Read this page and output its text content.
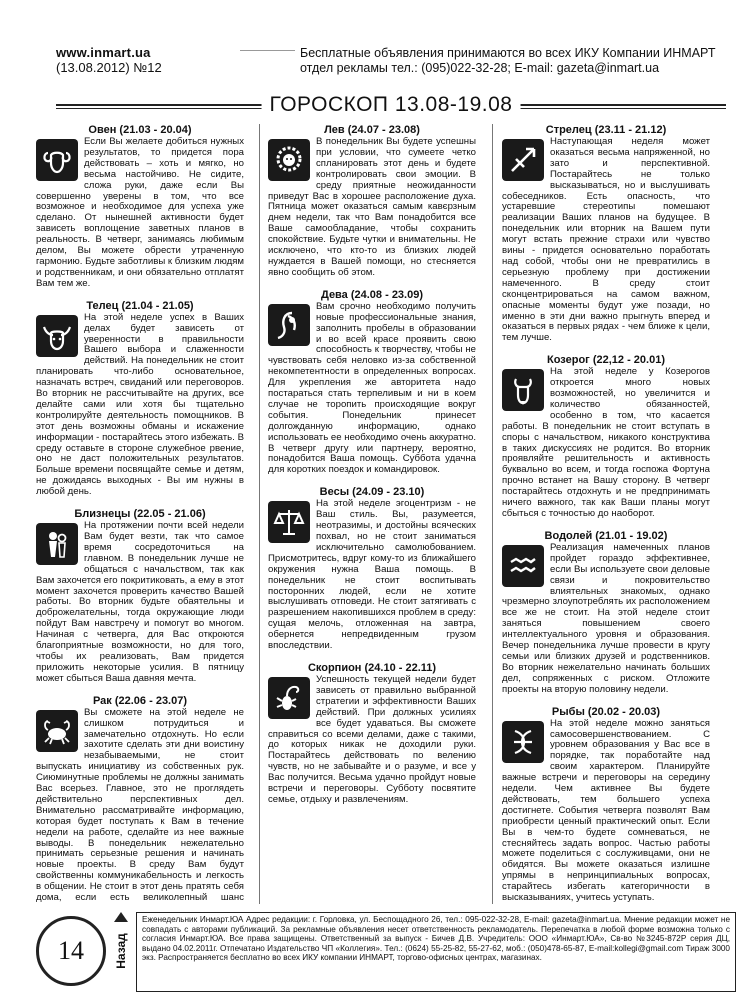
www.inmart.ua
(13.08.2012) №12
Бесплатные объявления принимаются во всех ИКУ Компании ИНМАРТ
отдел рекламы тел.: (095)022-32-28; E-mail: gazeta@inmart.ua
ГОРОСКОП 13.08-19.08
Овен (21.03 - 20.04)

Если Вы желаете добиться нужных результатов, то придется пора действовать – хоть и мягко, но весьма настойчиво. Не сидите, сложа руки, даже если Вы совершенно уверены в том, что все возможное и необходимое для успеха уже сделано. От нынешней активности будет зависеть воплощение заветных планов в реальность. В четверг, занимаясь любимым делом, Вы можете обрести утраченную гармонию. Будьте заботливы к близким людям и родственникам, и они обязательно отплатят Вам тем же.

Телец (21.04 - 21.05)

На этой неделе успех в Ваших делах будет зависеть от уверенности в правильности Вашего выбора и слаженности действий. На понедельник не стоит планировать что-либо основательное, назначать встреч, свиданий или переговоров. Во вторник не рассчитывайте на других, все делайте сами или хотя бы тщательно контролируйте деятельность помощников. В этот день возможны обманы и искажение информации - постарайтесь этого избежать. В среду оставьте в стороне служебное рвение, оно не даст положительных результатов. Больше времени посвящайте семье и детям, не дожидаясь выходных - Вы им нужны в любой день.

Близнецы (22.05 - 21.06)

На протяжении почти всей недели Вам будет везти, так что самое время сосредоточиться на главном. В понедельник лучше не общаться с начальством, так как Вам захочется его покритиковать, а ему в этот момент захочется проверить качество Вашей работы. Во вторник будьте обаятельны и доброжелательны, тогда окружающие люди пойдут Вам навстречу и помогут во многом. Начиная с четверга, для Вас откроются благоприятные возможности, но для того, чтобы их реализовать, Вам придется приложить некоторые усилия. В пятницу может сбыться Ваша давняя мечта.

Рак (22.06 - 23.07)

Вы сможете на этой неделе не слишком потрудиться и замечательно отдохнуть. Но если захотите сделать эти дни воистину незабываемыми, не стоит выпускать инициативу из собственных рук. Сиюминутные проблемы не должны занимать Вас всерьез. Главное, это не проглядеть действительно перспективных дел. Внимательно рассматривайте информацию, которая будет поступать к Вам в течение недели на работе, сделайте из нее важные выводы. В понедельник нежелательно принимать серьезные решения и начинать новые проекты. В среду Вам будут свойственны коммуникабельность и легкость в общении. Не стоит в этот день пратять себя дома, если есть великолепный шанс

Лев (24.07 - 23.08)

В понедельник Вы будете успешны при условии, что сумеете четко спланировать этот день и будете контролировать свои эмоции. В среду приятные неожиданности приведут Вас в хорошее расположение духа. Пятница может оказаться самым кавєрзным днем недели, так что Вам понадобится все Ваше самообладание, чтобы сохранить спокойствие. Будьте чутки и внимательны. Не исключено, что кто-то из близких людей нуждается в Вашей помощи, но стесняется явно сообщить об этом.

Дева (24.08 - 23.09)

Вам срочно необходимо получить новые профессиональные знания, заполнить пробелы в образовании и во всей красе проявить свою способность к творчеству, чтобы не чувствовать себя неловко из-за собственной некомпетентности в определенных вопросах. Для укрепления же авторитета надо постараться стать терпеливым и ни в коем случае не торопить происходящие вокруг события. Понедельник принесет долгожданную информацию, однако использовать ее необходимо очень аккуратно. В четверг другу или партнеру, вероятно, понадобится Ваша помощь. Суббота удачна для коротких поездок и командировок.

Весы (24.09 - 23.10)

На этой неделе эгоцентризм - не Ваш стиль. Вы, разумеется, неотразимы, и достойны всяческих похвал, но не стоит заниматься исключительно самолюбованием. Присмотритесь, вдруг кому-то из ближайшего окружения нужна Ваша помощь. В понедельник не стоит воспитывать посторонних людей, если не хотите выслушивать отповеди. Не стоит затягивать с разрешением накопившихся проблем в среду: сущая мелочь, отложенная на завтра, обернется непредвиденным грузом впоследствии.

Скорпион (24.10 - 22.11)

Успешность текущей недели будет зависеть от правильно выбранной стратегии и эффективности Ваших действий. При должных усилиях все будет удаваться. Вы сможете справиться со всеми делами, даже с такими, до которых никак не доходили руки. Постарайтесь действовать по велению чувств, но не забывайте и о разуме, и все у Вас получится. Весьма удачно пройдут новые встречи и переговоры. Субботу посвятите семье, отдыху и развлечениям.

Стрелец (23.11 - 21.12)

Наступающая неделя может оказаться весьма напряженной, но зато и перспективной. Постарайтесь не только высказываться, но и выслушивать собеседников. Есть опасность, что устаревшие стереотипы помешают реализации Ваших планов на будущее. В понедельник или вторник на Вашем пути могут встать прежние страхи или чувство вины - придется основательно поработать над собой, чтобы они не превратились в серьезную проблему при достижении намеченного. В среду стоит сконцентрироваться на самом важном, опасные моменты будут уже позади, но именно в эти дни важно прыгнуть вперед и оказаться в первых рядах - чем ближе к цели, тем лучше.

Козерог (22,12 - 20.01)

На этой неделе у Козерогов откроется много новых возможностей, но увеличится и количество обязанностей, особенно в том, что касается работы. В понедельник не стоит вступать в споры с начальством, никакого конструктива в таких дискуссиях не родится. Во вторник проявляйте решительность и активность буквально во всем, и тогда госпожа Фортуна прочно встанет на Вашу сторону. В четверг постарайтесь отдохнуть и не предпринимать ничего важного, так как Ваши планы могут сбыться с точностью до наоборот.

Водолей (21.01 - 19.02)

Реализация намеченных планов пройдет гораздо эффективнее, если Вы используете свои деловые связи и покровительство влиятельных знакомых, однако чрезмерно злоупотреблять их расположением все же не стоит. На этой неделе стоит заняться повышением своего интеллектуального уровня и образования. Вечер понедельника лучше провести в кругу семьи или близких друзей и родственников. Во вторник нежелательно начинать больших дел, сопряженных с риском. Отложите проекты на вторую половину недели.

Рыбы (20.02 - 20.03)

На этой неделе можно заняться самосовершенствованием. С уровнем образования у Вас все в порядке, так поработайте над своим характером. Планируйте важные встречи и переговоры на середину недели. Чем активнее Вы будете действовать, тем большего успеха достигнете. События четверга позволят Вам приобрести ценный практический опыт. Если Вы в чем-то будете сомневаться, не стесняйтесь задать вопрос. Частью работы можете поделиться с сослуживцами, они не обидятся. Вы можете оказаться излишне упрямы в непринципиальных вопросах, старайтесь избегать категоричности в высказываниях, учитесь уступать.

14	Назад
Еженедельник Инмарт.ЮА Адрес редакции: г. Горловка, ул. Беспощадного 26, тел.: 095-022-32-28, E-mail: gazeta@inmart.ua. Мнение редакции может не совпадать с авторами публикаций. За рекламные объявления несет ответственность рекламодатель. Перепечатка в любой форме возможна только с согласия Инмарт.ЮА. Все права защищены. Ответственный за выпуск - Бичев Д.В. Учредитель: ООО «Инмарт.ЮА», Св-во №3245-872Р серия ДЦ, выдано 04.02.2011г. Отпечатано Издательство ЧП «Коллегия». Тел.: (0624) 55-25-82, 55-27-62, моб.: (050)478-65-87, E-mail:kollegi@gmail.com Тираж 3000 экз. Распространяется бесплатно во всех ИКУ компании ИНМАРТ, торгово-офисных центрах, магазинах.
